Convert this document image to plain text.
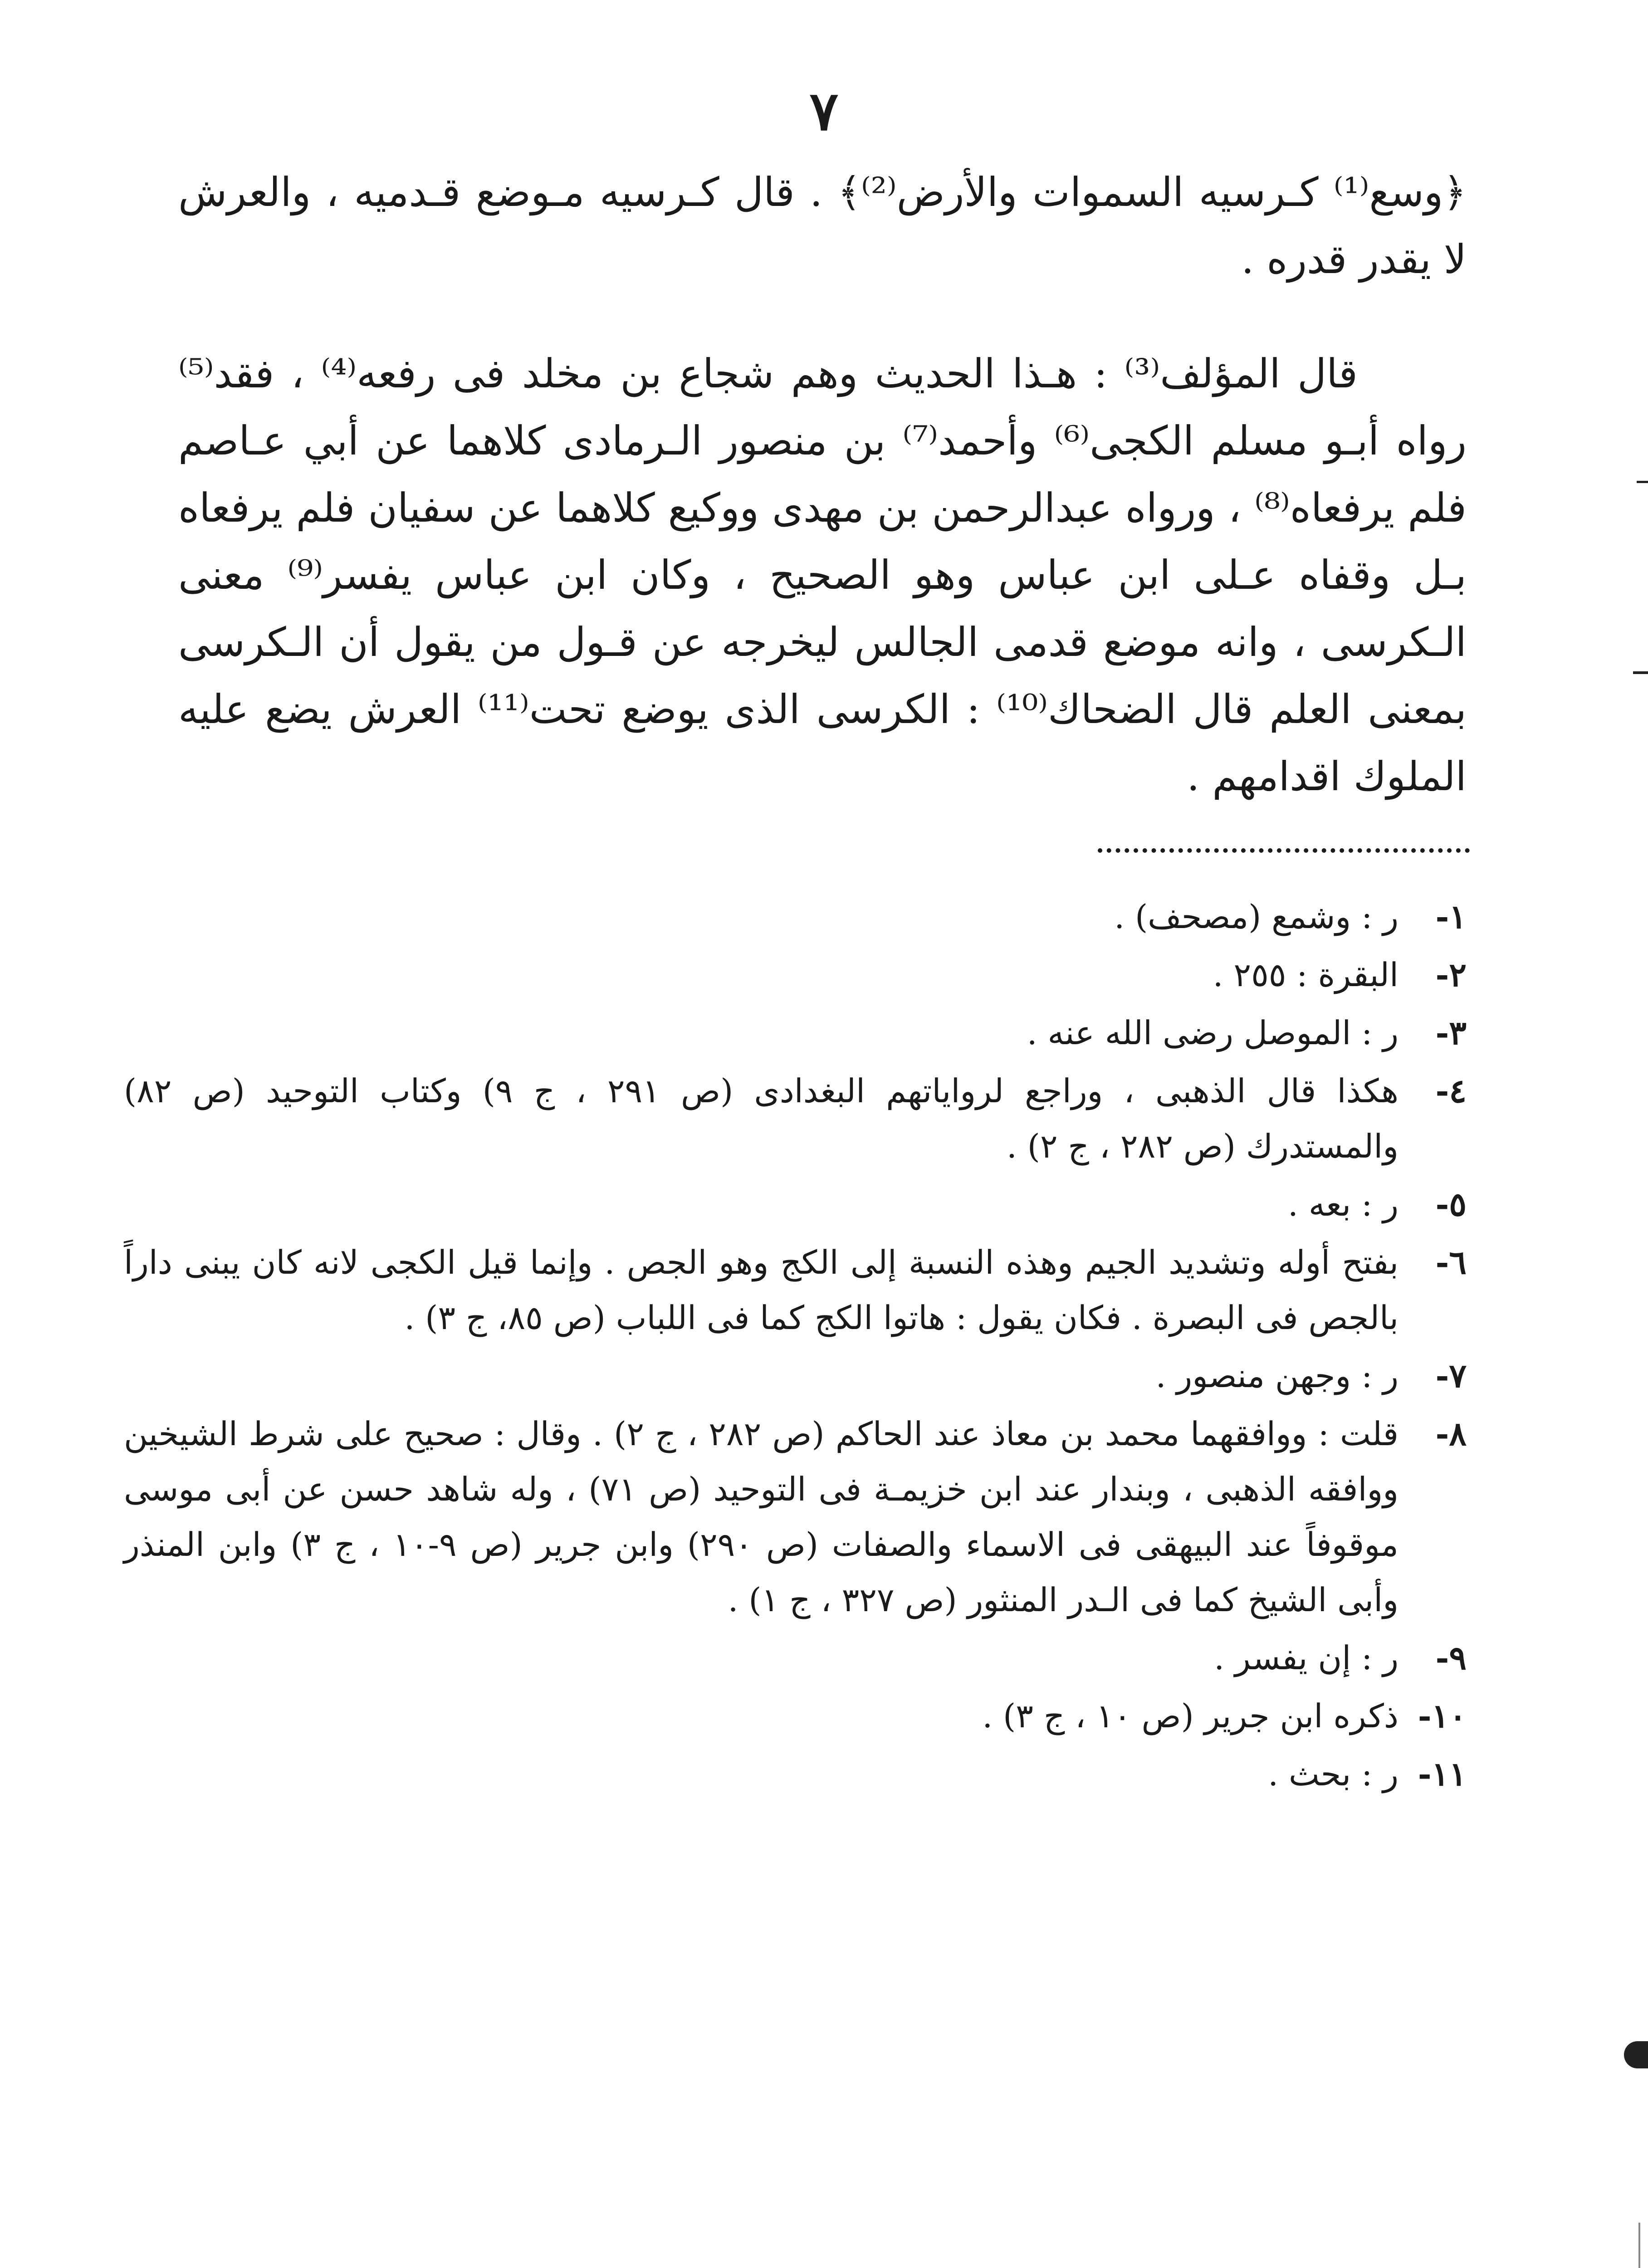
٧
﴿وسع⁽¹⁾ كـرسيه السموات والأرض⁽²⁾﴾ . قال كـرسيه مـوضع قـدميه ، والعرش لا يقدر قدره .
قال المؤلف⁽³⁾ : هـذا الحديث وهم شجاع بن مخلد فى رفعه⁽⁴⁾ ، فقد⁽⁵⁾ رواه أبـو مسلم الكجى⁽⁶⁾ وأحمد⁽⁷⁾ بن منصور الـرمادى كلاهما عن أبي عـاصم فلم يرفعاه⁽⁸⁾ ، ورواه عبدالرحمن بن مهدى ووكيع كلاهما عن سفيان فلم يرفعاه بـل وقفاه عـلى ابن عباس وهو الصحيح ، وكان ابن عباس يفسر⁽⁹⁾ معنى الـكرسى ، وانه موضع قدمى الجالس ليخرجه عن قـول من يقول أن الـكرسى بمعنى العلم قال الضحاك⁽¹⁰⁾ : الكرسى الذى يوضع تحت⁽¹¹⁾ العرش يضع عليه الملوك اقدامهم .
١-
ر : وشمع (مصحف) .
٢-
البقرة : ٢٥٥ .
٣-
ر : الموصل رضى الله عنه .
٤-
هكذا قال الذهبى ، وراجع لرواياتهم البغدادى (ص ٢٩١ ، ج ٩) وكتاب التوحيد (ص ٨٢) والمستدرك (ص ٢٨٢ ، ج ٢) .
٥-
ر : بعه .
٦-
بفتح أوله وتشديد الجيم وهذه النسبة إلى الكج وهو الجص . وإنما قيل الكجى لانه كان يبنى داراً بالجص فى البصرة . فكان يقول : هاتوا الكج كما فى اللباب (ص ٨٥، ج ٣) .
٧-
ر : وجهن منصور .
٨-
قلت : ووافقهما محمد بن معاذ عند الحاكم (ص ٢٨٢ ، ج ٢) . وقال : صحيح على شرط الشيخين ووافقه الذهبى ، وبندار عند ابن خزيمـة فى التوحيد (ص ٧١) ، وله شاهد حسن عن أبى موسى موقوفاً عند البيهقى فى الاسماء والصفات (ص ٢٩٠) وابن جرير (ص ٩-١٠ ، ج ٣) وابن المنذر وأبى الشيخ كما فى الـدر المنثور (ص ٣٢٧ ، ج ١) .
٩-
ر : إن يفسر .
١٠-
ذكره ابن جرير (ص ١٠ ، ج ٣) .
١١-
ر : بحث .
